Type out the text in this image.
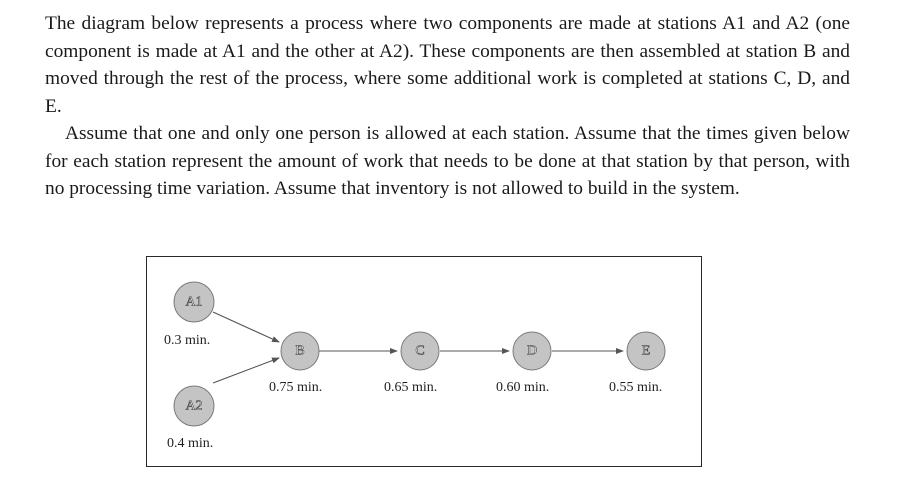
The diagram below represents a process where two components are made at stations A1 and A2 (one component is made at A1 and the other at A2). These components are then assembled at station B and moved through the rest of the process, where some additional work is completed at stations C, D, and E.

Assume that one and only one person is allowed at each station. Assume that the times given below for each station represent the amount of work that needs to be done at that station by that person, with no processing time variation. Assume that inventory is not allowed to build in the system.

A1
0.3 min.
A2
0.4 min.
B
0.75 min.
C
0.65 min.
D
0.60 min.
E
0.55 min.
